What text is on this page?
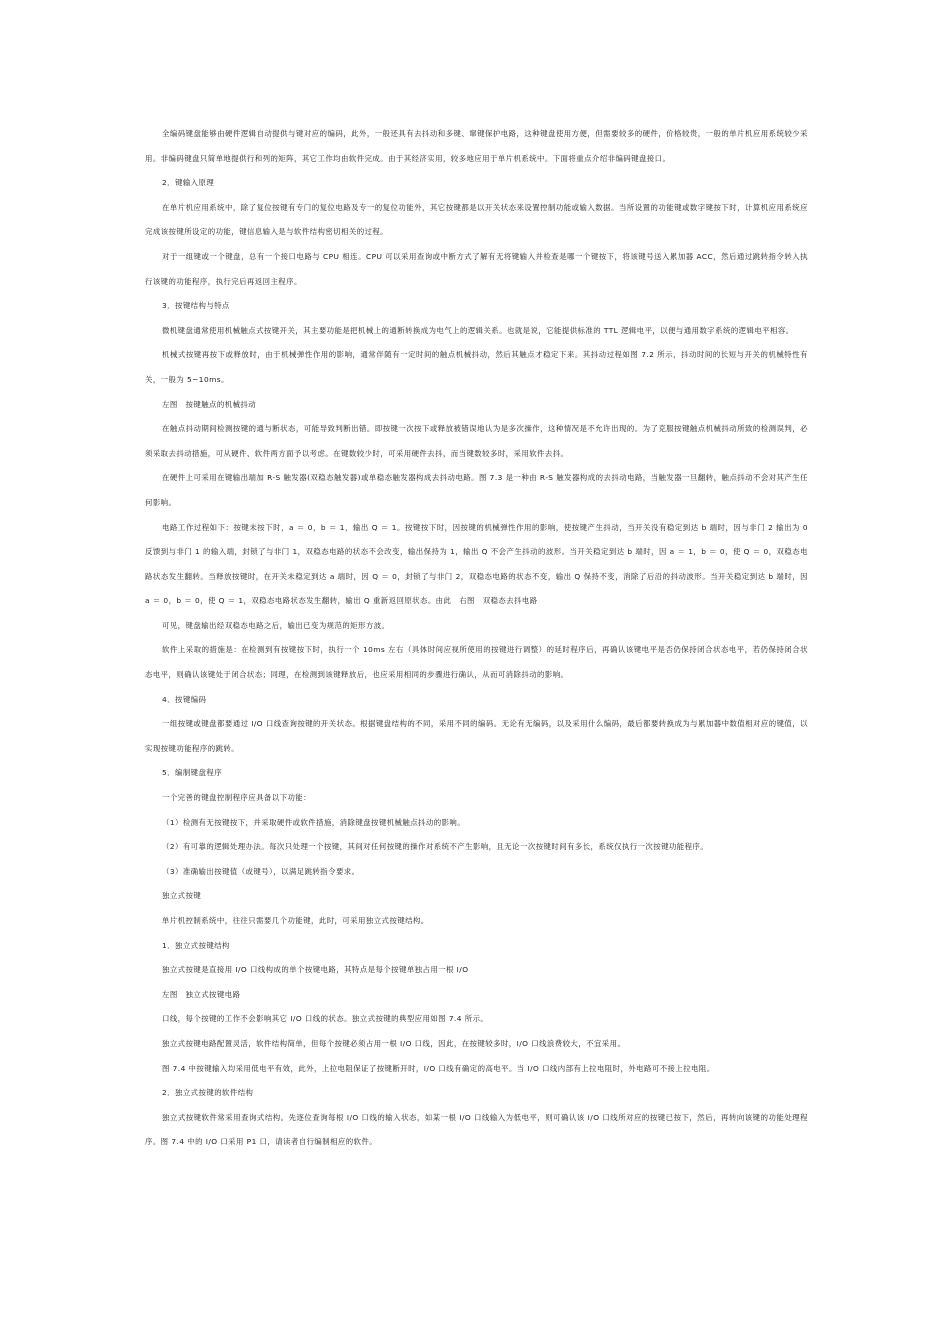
全编码键盘能够由硬件逻辑自动提供与键对应的编码，此外，一般还具有去抖动和多键、窜键保护电路，这种键盘使用方便，但需要较多的硬件，价格较贵，一般的单片机应用系统较少采用。非编码键盘只简单地提供行和列的矩阵，其它工作均由软件完成。由于其经济实用，较多地应用于单片机系统中。下面将重点介绍非编码键盘接口。

2．键输入原理

在单片机应用系统中，除了复位按键有专门的复位电路及专一的复位功能外，其它按键都是以开关状态来设置控制功能或输入数据。当所设置的功能键或数字键按下时，计算机应用系统应完成该按键所设定的功能，键信息输入是与软件结构密切相关的过程。

对于一组键或一个键盘，总有一个接口电路与 CPU 相连。CPU 可以采用查询或中断方式了解有无将键输入并检查是哪一个键按下，将该键号送入累加器 ACC，然后通过跳转指令转入执行该键的功能程序，执行完后再返回主程序。

3．按键结构与特点

微机键盘通常使用机械触点式按键开关，其主要功能是把机械上的通断转换成为电气上的逻辑关系。也就是说，它能提供标准的 TTL 逻辑电平，以便与通用数字系统的逻辑电平相容。

机械式按键再按下或释放时，由于机械弹性作用的影响，通常伴随有一定时间的触点机械抖动，然后其触点才稳定下来。其抖动过程如图 7.2 所示，抖动时间的长短与开关的机械特性有关，一般为 5~10ms。

左图　按键触点的机械抖动

在触点抖动期间检测按键的通与断状态，可能导致判断出错。即按键一次按下或释放被错误地认为是多次操作，这种情况是不允许出现的。为了克服按键触点机械抖动所致的检测误判，必须采取去抖动措施，可从硬件、软件两方面予以考虑。在键数较少时，可采用硬件去抖，而当键数较多时，采用软件去抖。

在硬件上可采用在键输出端加 R-S 触发器(双稳态触发器)或单稳态触发器构成去抖动电路。图 7.3 是一种由 R-S 触发器构成的去抖动电路，当触发器一旦翻转，触点抖动不会对其产生任何影响。

电路工作过程如下：按键未按下时，a ＝ 0，b ＝ 1，输出 Q ＝ 1。按键按下时，因按键的机械弹性作用的影响，使按键产生抖动，当开关没有稳定到达 b 端时，因与非门 2 输出为 0 反馈到与非门 1 的输入端，封锁了与非门 1，双稳态电路的状态不会改变，输出保持为 1，输出 Q 不会产生抖动的波形。当开关稳定到达 b 端时，因 a ＝ 1，b ＝ 0，使 Q ＝ 0，双稳态电路状态发生翻转。当释放按键时，在开关未稳定到达 a 端时，因 Q ＝ 0，封锁了与非门 2，双稳态电路的状态不变，输出 Q 保持不变，消除了后沿的抖动波形。当开关稳定到达 b 端时，因 a ＝ 0，b ＝ 0，使 Q ＝ 1，双稳态电路状态发生翻转，输出 Q 重新返回原状态。由此　右图　双稳态去抖电路

可见，键盘输出经双稳态电路之后，输出已变为规范的矩形方波。

软件上采取的措施是：在检测到有按键按下时，执行一个 10ms 左右（具体时间应视所使用的按键进行调整）的延时程序后，再确认该键电平是否仍保持闭合状态电平，若仍保持闭合状态电平，则确认该键处于闭合状态；同理，在检测到该键释放后，也应采用相同的步骤进行确认，从而可消除抖动的影响。

4．按键编码

一组按键或键盘都要通过 I/O 口线查询按键的开关状态。根据键盘结构的不同，采用不同的编码。无论有无编码，以及采用什么编码，最后都要转换成为与累加器中数值相对应的键值，以实现按键功能程序的跳转。

5．编制键盘程序

一个完善的键盘控制程序应具备以下功能：

（1）检测有无按键按下，并采取硬件或软件措施，消除键盘按键机械触点抖动的影响。

（2）有可靠的逻辑处理办法。每次只处理一个按键，其间对任何按键的操作对系统不产生影响，且无论一次按键时间有多长，系统仅执行一次按键功能程序。

（3）准确输出按键值（或键号），以满足跳转指令要求。

独立式按键

单片机控制系统中，往往只需要几个功能键，此时，可采用独立式按键结构。

1．独立式按键结构

独立式按键是直接用 I/O 口线构成的单个按键电路，其特点是每个按键单独占用一根 I/O

左图　独立式按键电路

口线，每个按键的工作不会影响其它 I/O 口线的状态。独立式按键的典型应用如图 7.4 所示。

独立式按键电路配置灵活，软件结构简单，但每个按键必须占用一根 I/O 口线，因此，在按键较多时，I/O 口线浪费较大，不宜采用。

图 7.4 中按键输入均采用低电平有效，此外，上拉电阻保证了按键断开时，I/O 口线有确定的高电平。当 I/O 口线内部有上拉电阻时，外电路可不接上拉电阻。

2．独立式按键的软件结构

独立式按键软件常采用查询式结构。先逐位查询每根 I/O 口线的输入状态，如某一根 I/O 口线输入为低电平，则可确认该 I/O 口线所对应的按键已按下，然后，再转向该键的功能处理程序。图 7.4 中的 I/O 口采用 P1 口，请读者自行编制相应的软件。
